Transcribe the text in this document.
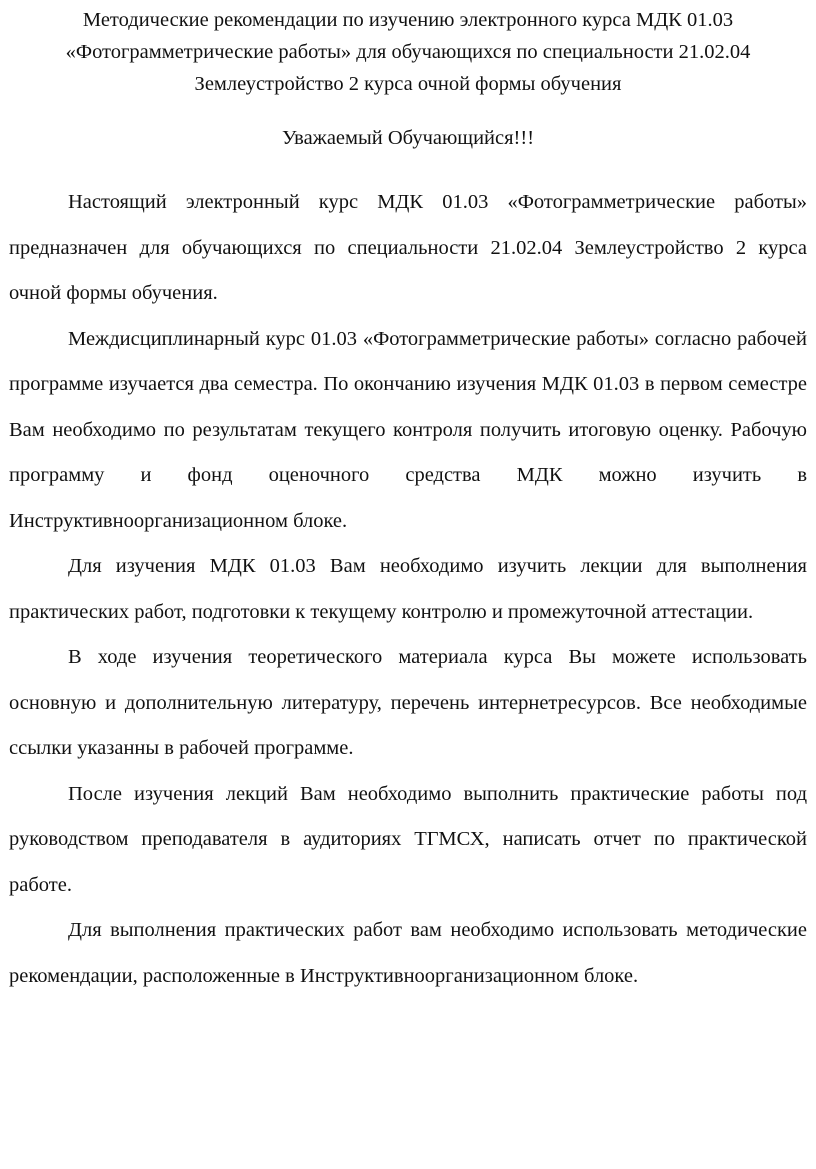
Методические рекомендации по изучению электронного курса МДК 01.03 «Фотограмметрические работы» для обучающихся по специальности 21.02.04 Землеустройство 2 курса очной формы обучения
Уважаемый Обучающийся!!!

Настоящий электронный курс МДК 01.03 «Фотограмметрические работы» предназначен для обучающихся по специальности 21.02.04 Землеустройство 2 курса очной формы обучения.

Междисциплинарный курс 01.03 «Фотограмметрические работы» согласно рабочей программе изучается два семестра. По окончанию изучения МДК 01.03 в первом семестре Вам необходимо по результатам текущего контроля получить итоговую оценку. Рабочую программу и фонд оценочного средства МДК можно изучить в Инструктивноорганизационном блоке.

Для изучения МДК 01.03 Вам необходимо изучить лекции для выполнения практических работ, подготовки к текущему контролю и промежуточной аттестации.

В ходе изучения теоретического материала курса Вы можете использовать основную и дополнительную литературу, перечень интернетресурсов. Все необходимые ссылки указанны в рабочей программе.

После изучения лекций Вам необходимо выполнить практические работы под руководством преподавателя в аудиториях ТГМСХ, написать отчет по практической работе.

Для выполнения практических работ вам необходимо использовать методические рекомендации, расположенные в Инструктивноорганизационном блоке.
